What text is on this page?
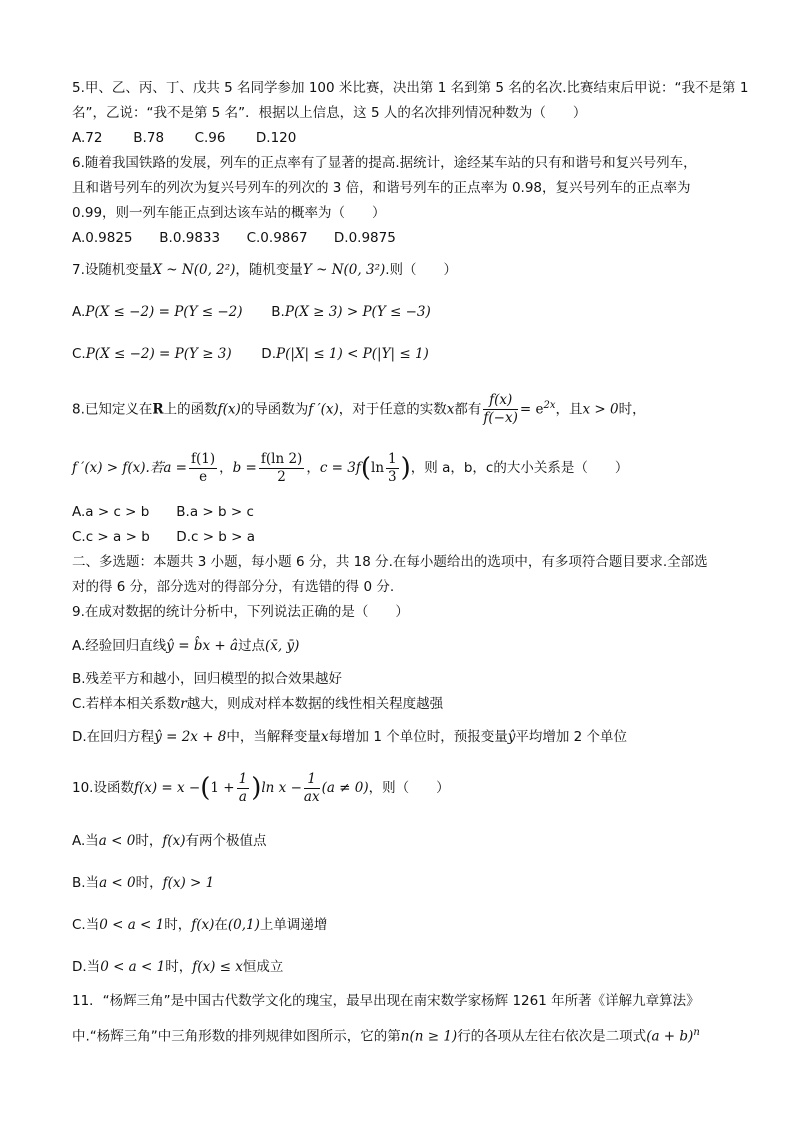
5.甲、乙、丙、丁、戊共 5 名同学参加 100 米比赛，决出第 1 名到第 5 名的名次.比赛结束后甲说：“我不是第 1
名”，乙说：“我不是第 5 名”．根据以上信息，这 5 人的名次排列情况种数为（　　）
A.72 B.78 C.96 D.120
6.随着我国铁路的发展，列车的正点率有了显著的提高.据统计，途经某车站的只有和谐号和复兴号列车，
且和谐号列车的列次为复兴号列车的列次的 3 倍，和谐号列车的正点率为 0.98，复兴号列车的正点率为
0.99，则一列车能正点到达该车站的概率为（　　）
A.0.9825 B.0.9833 C.0.9867 D.0.9875
7.设随机变量X ~ N(0, 2²)，随机变量Y ~ N(0, 3²).则（　　）
A.P(X ≤ −2) = P(Y ≤ −2) B.P(X ≥ 3) > P(Y ≤ −3)
C.P(X ≤ −2) = P(Y ≥ 3) D.P(|X| ≤ 1) < P(|Y| ≤ 1)
8.已知定义在R上的函数f(x)的导函数为f ′(x)，对于任意的实数x都有 $\frac{f(x)}{f(-x)} = e^{2x}$，且x > 0时，
f ′(x) > f(x).若$a = \frac{f(1)}{e}$ ，$b = \frac{f(\ln 2)}{2}$ ，$c = 3f(\ln \frac{1}{3}$ )，则 a，b，c的大小关系是（　　）
A.a > c > b B.a > b > c
C.c > a > b D.c > b > a
二、多选题：本题共 3 小题，每小题 6 分，共 18 分.在每小题给出的选项中，有多项符合题目要求.全部选
对的得 6 分，部分选对的得部分分，有选错的得 0 分.
9.在成对数据的统计分析中，下列说法正确的是（　　）
A.经验回归直线ŷ = b̂x + â过点(x̄, ȳ)
B.残差平方和越小，回归模型的拟合效果越好
C.若样本相关系数r越大，则成对样本数据的线性相关程度越强
D.在回归方程ŷ = 2x + 8中，当解释变量x每增加 1 个单位时，预报变量ŷ平均增加 2 个单位
10.设函数$f(x) = x -(1 + \frac{1}{a} )\ln$ $x - \frac{1}{ax} (a \ne 0)$，则（　　）
A.当a < 0时，f(x)有两个极值点
B.当a < 0时，f(x) > 1
C.当0 < a < 1时，f(x)在(0,1)上单调递增
D.当0 < a < 1时，f(x) ≤ x恒成立
11．“杨辉三角”是中国古代数学文化的瑰宝，最早出现在南宋数学家杨辉 1261 年所著《详解九章算法》
中.“杨辉三角”中三角形数的排列规律如图所示，它的第n(n ≥ 1)行的各项从左往右依次是二项式$(a + b)^n$
